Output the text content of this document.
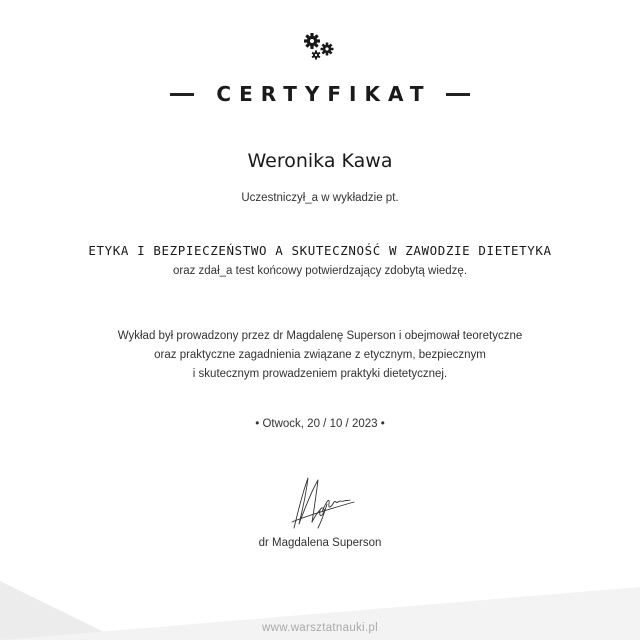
CERTYFIKAT
Weronika Kawa
Uczestniczył_a w wykładzie pt.
ETYKA I BEZPIECZEŃSTWO A SKUTECZNOŚĆ W ZAWODZIE DIETETYKA
oraz zdał_a test końcowy potwierdzający zdobytą wiedzę.
Wykład był prowadzony przez dr Magdalenę Superson i obejmował teoretyczne
oraz praktyczne zagadnienia związane z etycznym, bezpiecznym
i skutecznym prowadzeniem praktyki dietetycznej.
• Otwock, 20 / 10 / 2023 •
dr Magdalena Superson
www.warsztatnauki.pl
